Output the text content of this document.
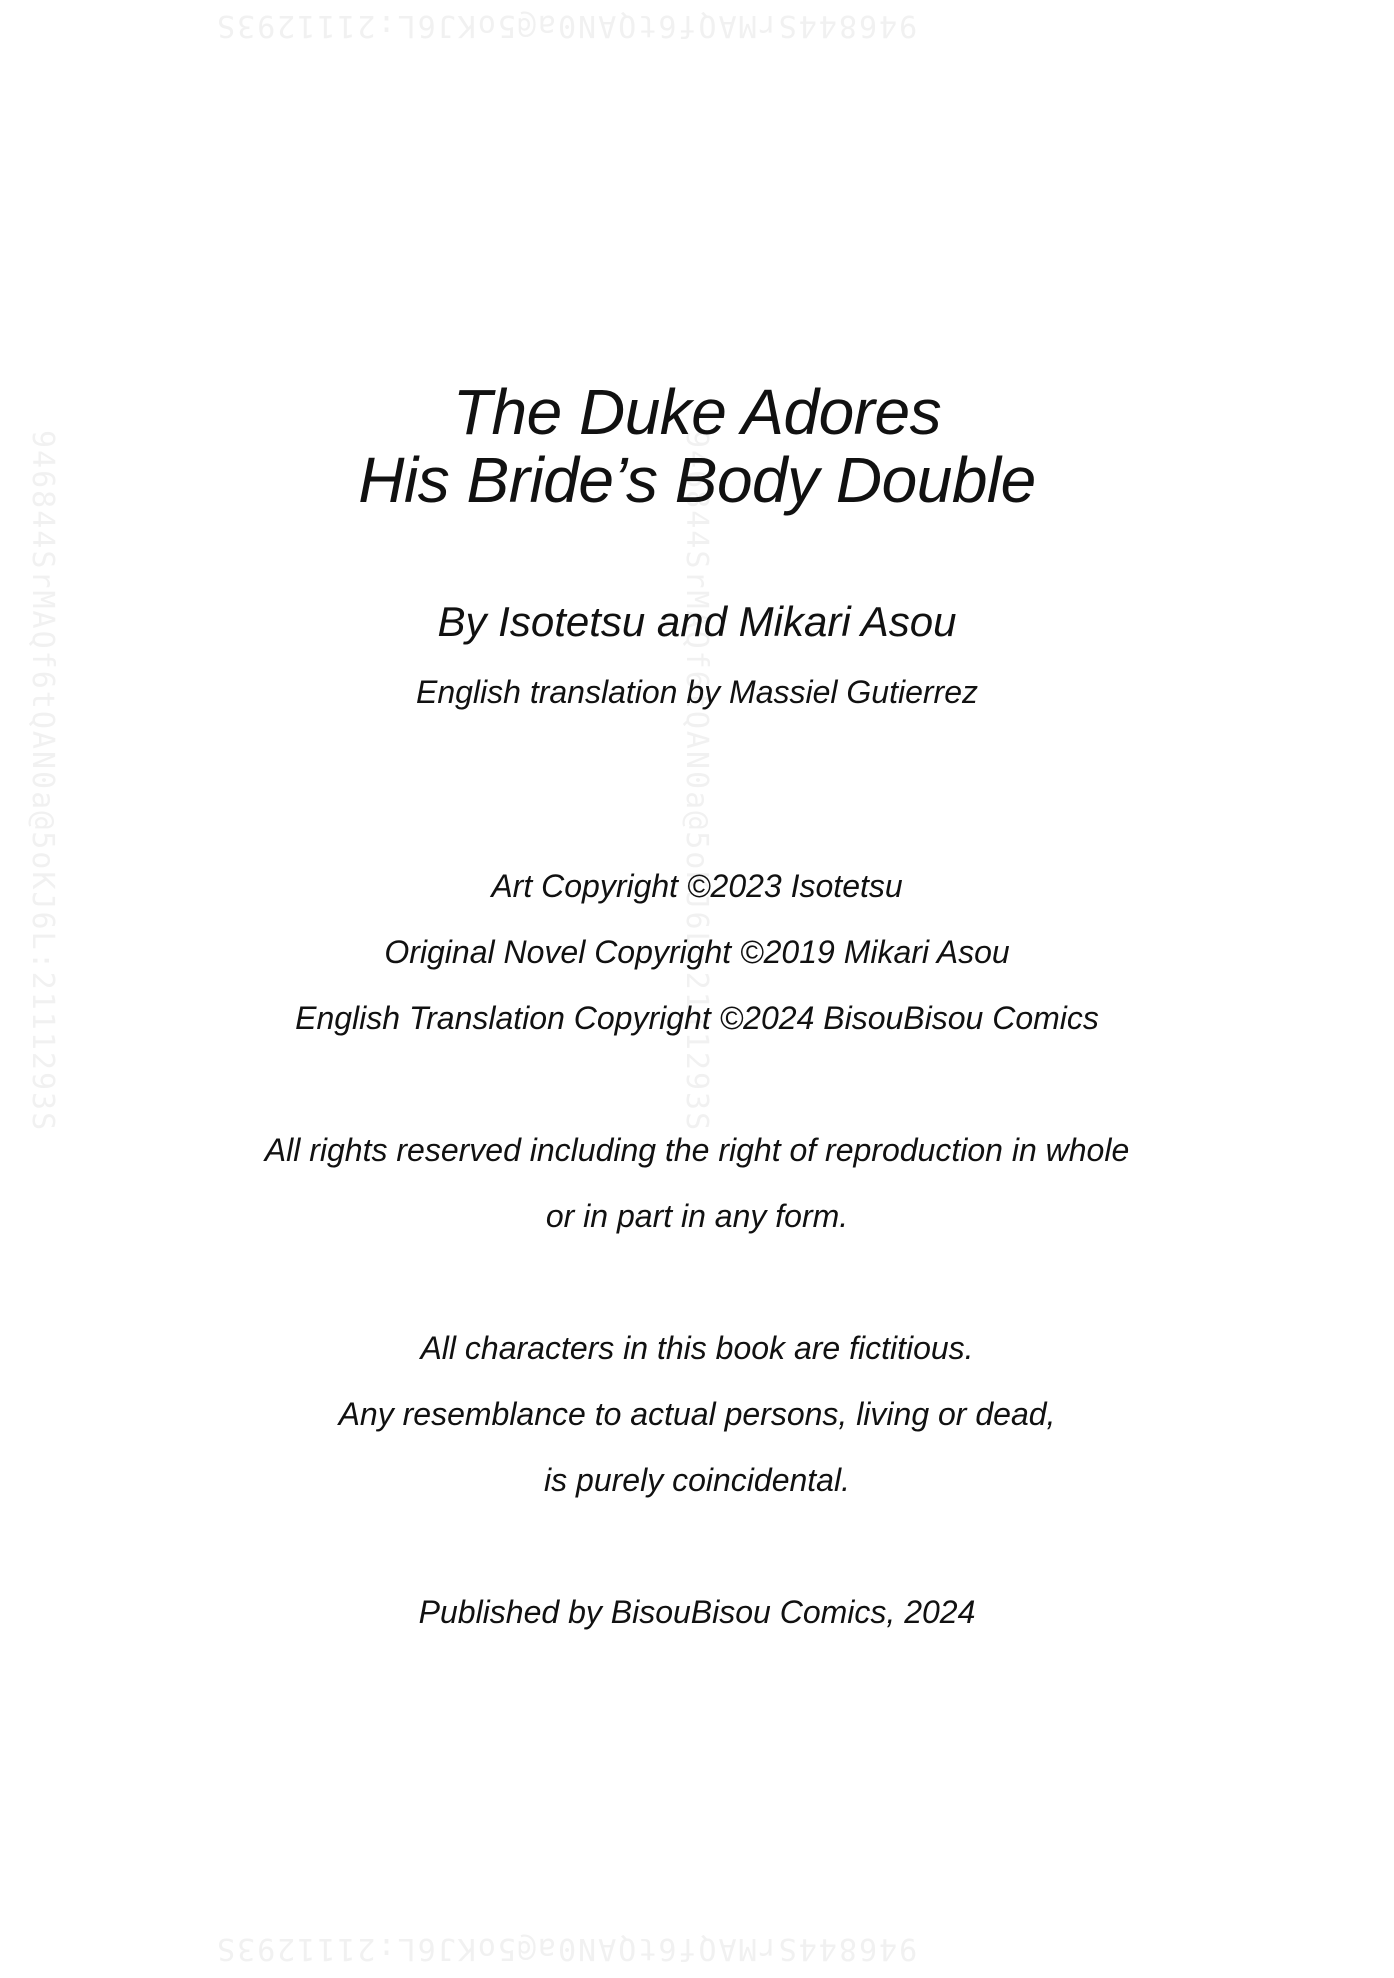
946844SrMAQf6tQAN0a@5oKJ6L:2111293S
946844SrMAQf6tQAN0a@5oKJ6L:2111293S	946844SrMAQf6tQAN0a@5oKJ6L:2111293S
946844SrMAQf6tQAN0a@5oKJ6L:2111293S
The Duke Adores
His Bride’s Body Double
By Isotetsu and Mikari Asou
English translation by Massiel Gutierrez
Art Copyright ©2023 Isotetsu
Original Novel Copyright ©2019 Mikari Asou
English Translation Copyright ©2024 BisouBisou Comics
All rights reserved including the right of reproduction in whole
or in part in any form.
All characters in this book are fictitious.
Any resemblance to actual persons, living or dead,
is purely coincidental.
Published by BisouBisou Comics, 2024
